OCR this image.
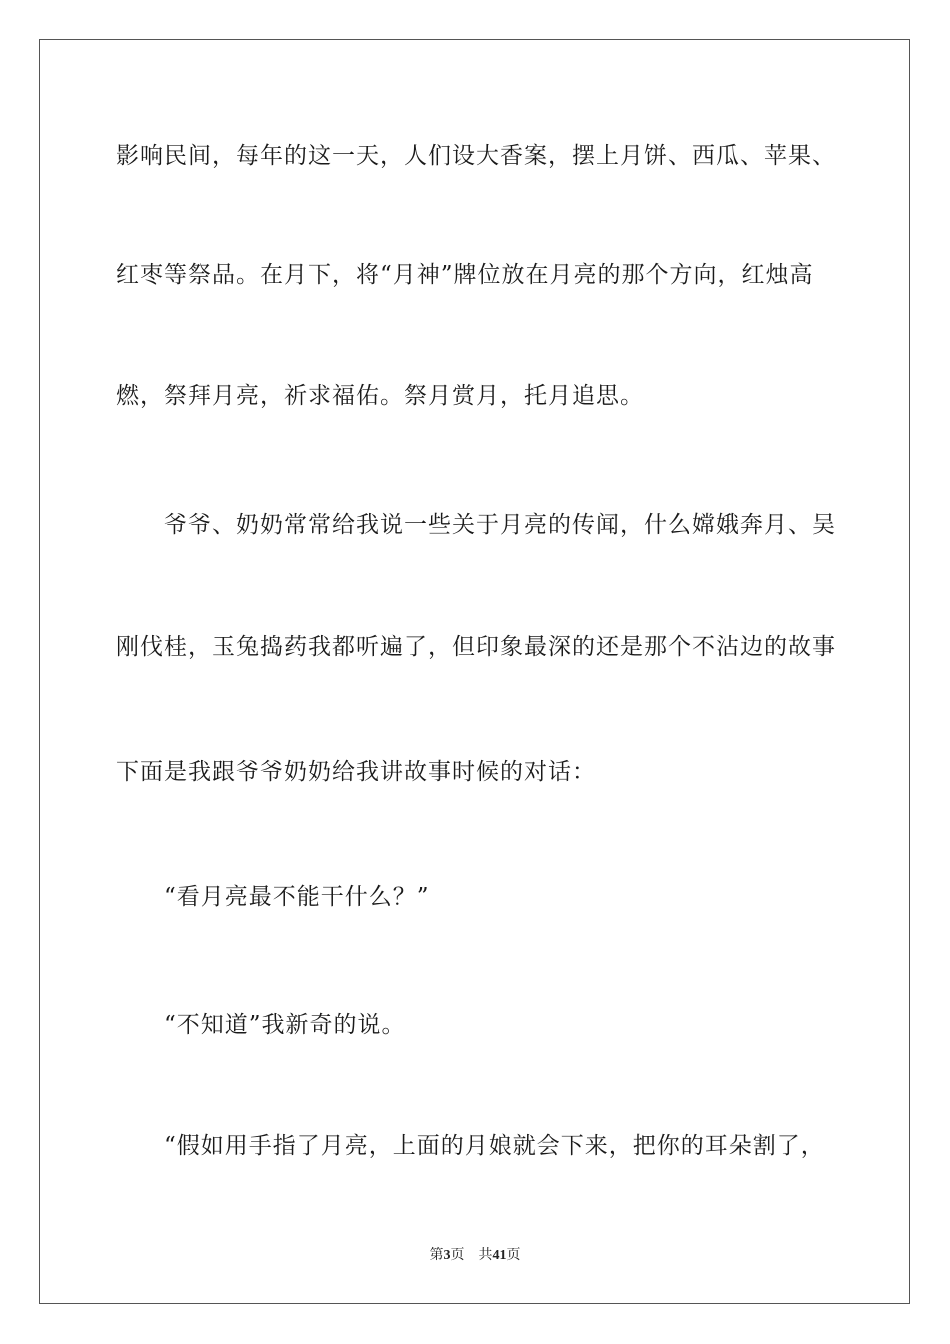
影响民间，每年的这一天，人们设大香案，摆上月饼、西瓜、苹果、
红枣等祭品。在月下，将“月神”牌位放在月亮的那个方向，红烛高
燃，祭拜月亮，祈求福佑。祭月赏月，托月追思。
爷爷、奶奶常常给我说一些关于月亮的传闻，什么嫦娥奔月、吴
刚伐桂，玉兔捣药我都听遍了，但印象最深的还是那个不沾边的故事
下面是我跟爷爷奶奶给我讲故事时候的对话：
“看月亮最不能干什么？”
“不知道”我新奇的说。
“假如用手指了月亮，上面的月娘就会下来，把你的耳朵割了，
第3页 共41页
